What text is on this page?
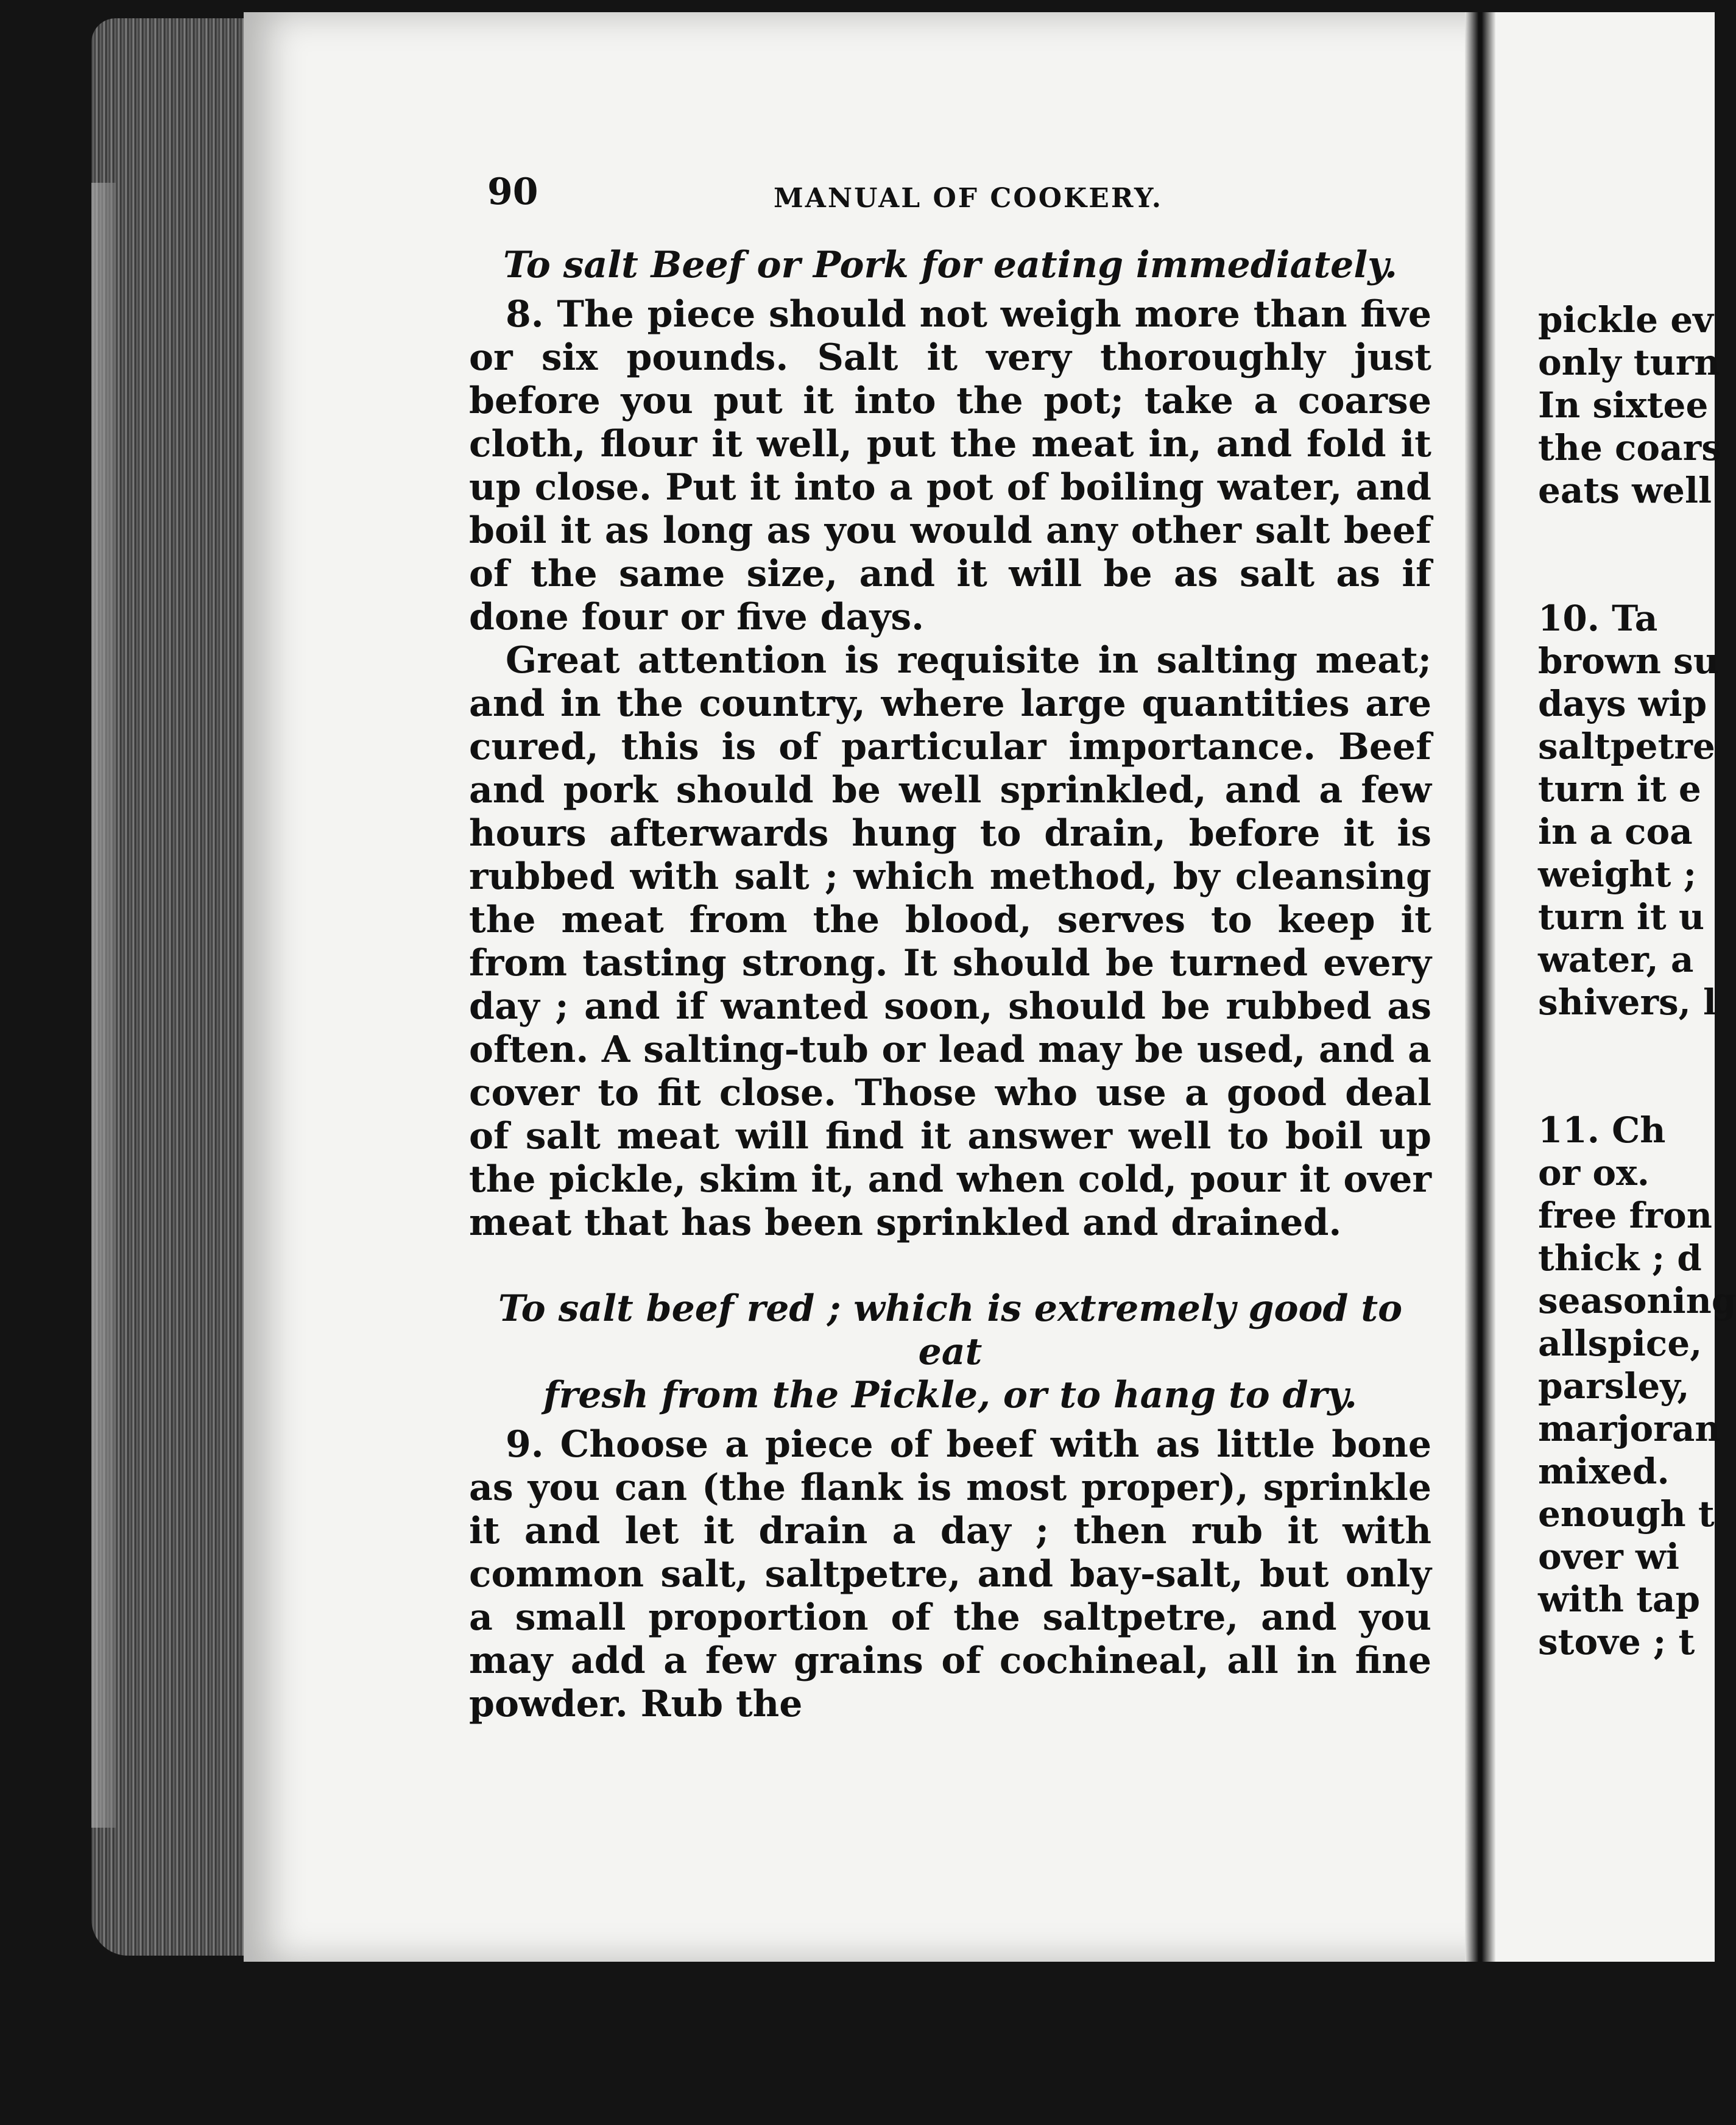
90	MANUAL OF COOKERY.

To salt Beef or Pork for eating immediately.

8. The piece should not weigh more than five or six pounds. Salt it very thoroughly just before you put it into the pot; take a coarse cloth, flour it well, put the meat in, and fold it up close. Put it into a pot of boiling water, and boil it as long as you would any other salt beef of the same size, and it will be as salt as if done four or five days.

Great attention is requisite in salting meat; and in the country, where large quantities are cured, this is of particular importance. Beef and pork should be well sprinkled, and a few hours afterwards hung to drain, before it is rubbed with salt ; which method, by cleansing the meat from the blood, serves to keep it from tasting strong. It should be turned every day ; and if wanted soon, should be rubbed as often. A salting-tub or lead may be used, and a cover to fit close. Those who use a good deal of salt meat will find it answer well to boil up the pickle, skim it, and when cold, pour it over meat that has been sprinkled and drained.

To salt beef red ; which is extremely good to eat
fresh from the Pickle, or to hang to dry.

9. Choose a piece of beef with as little bone as you can (the flank is most proper), sprinkle it and let it drain a day ; then rub it with common salt, saltpetre, and bay-salt, but only a small proportion of the saltpetre, and you may add a few grains of cochineal, all in fine powder. Rub the

pickle ev
only turn
In sixtee
the coars
eats well
10. Ta
brown su
days wip
saltpetre
turn it e
in a coa
weight ;
turn it u
water, a
shivers, l
11. Ch
or ox.
free fron
thick ; d
seasoning
allspice,
parsley,
marjoran
mixed.
enough t
over wi
with tap
stove ; t
